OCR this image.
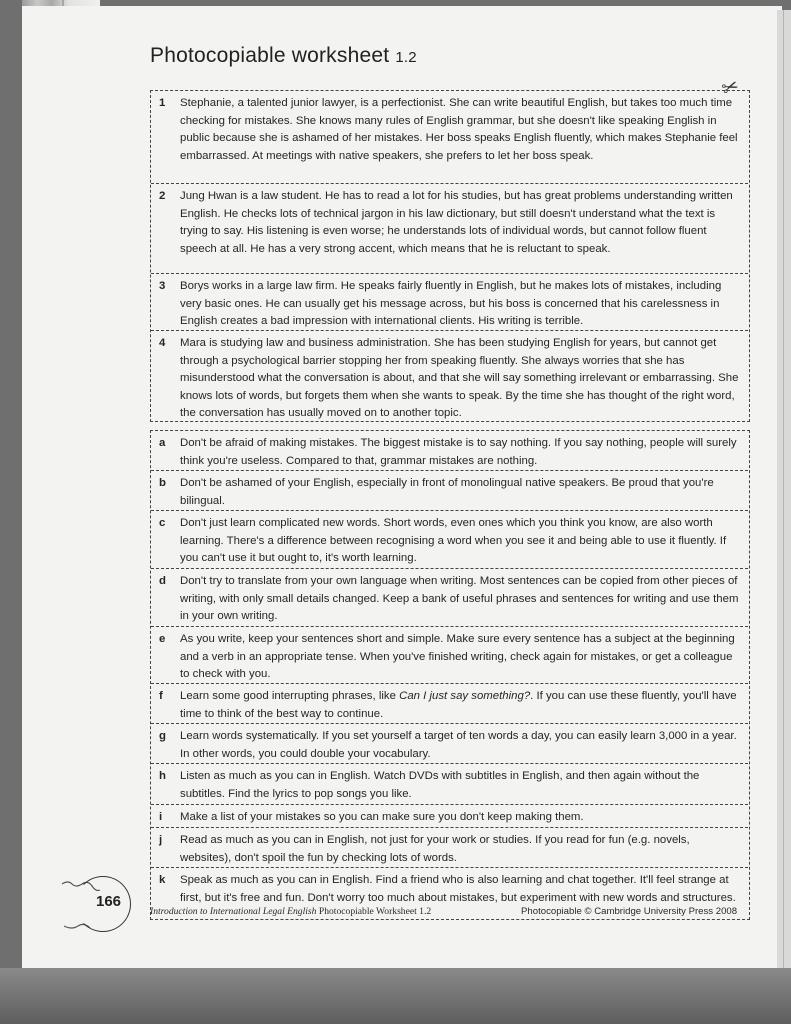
Photocopiable worksheet 1.2
✂
1 Stephanie, a talented junior lawyer, is a perfectionist. She can write beautiful English, but takes too much time checking for mistakes. She knows many rules of English grammar, but she doesn't like speaking English in public because she is ashamed of her mistakes. Her boss speaks English fluently, which makes Stephanie feel embarrassed. At meetings with native speakers, she prefers to let her boss speak.
2 Jung Hwan is a law student. He has to read a lot for his studies, but has great problems understanding written English. He checks lots of technical jargon in his law dictionary, but still doesn't understand what the text is trying to say. His listening is even worse; he understands lots of individual words, but cannot follow fluent speech at all. He has a very strong accent, which means that he is reluctant to speak.
3 Borys works in a large law firm. He speaks fairly fluently in English, but he makes lots of mistakes, including very basic ones. He can usually get his message across, but his boss is concerned that his carelessness in English creates a bad impression with international clients. His writing is terrible.
4 Mara is studying law and business administration. She has been studying English for years, but cannot get through a psychological barrier stopping her from speaking fluently. She always worries that she has misunderstood what the conversation is about, and that she will say something irrelevant or embarrassing. She knows lots of words, but forgets them when she wants to speak. By the time she has thought of the right word, the conversation has usually moved on to another topic.
a Don't be afraid of making mistakes. The biggest mistake is to say nothing. If you say nothing, people will surely think you're useless. Compared to that, grammar mistakes are nothing.
b Don't be ashamed of your English, especially in front of monolingual native speakers. Be proud that you're bilingual.
c Don't just learn complicated new words. Short words, even ones which you think you know, are also worth learning. There's a difference between recognising a word when you see it and being able to use it fluently. If you can't use it but ought to, it's worth learning.
d Don't try to translate from your own language when writing. Most sentences can be copied from other pieces of writing, with only small details changed. Keep a bank of useful phrases and sentences for writing and use them in your own writing.
e As you write, keep your sentences short and simple. Make sure every sentence has a subject at the beginning and a verb in an appropriate tense. When you've finished writing, check again for mistakes, or get a colleague to check with you.
f Learn some good interrupting phrases, like Can I just say something?. If you can use these fluently, you'll have time to think of the best way to continue.
g Learn words systematically. If you set yourself a target of ten words a day, you can easily learn 3,000 in a year. In other words, you could double your vocabulary.
h Listen as much as you can in English. Watch DVDs with subtitles in English, and then again without the subtitles. Find the lyrics to pop songs you like.
i Make a list of your mistakes so you can make sure you don't keep making them.
j Read as much as you can in English, not just for your work or studies. If you read for fun (e.g. novels, websites), don't spoil the fun by checking lots of words.
k Speak as much as you can in English. Find a friend who is also learning and chat together. It'll feel strange at first, but it's free and fun. Don't worry too much about mistakes, but experiment with new words and structures.
166
Introduction to International Legal English Photocopiable Worksheet 1.2	Photocopiable © Cambridge University Press 2008
